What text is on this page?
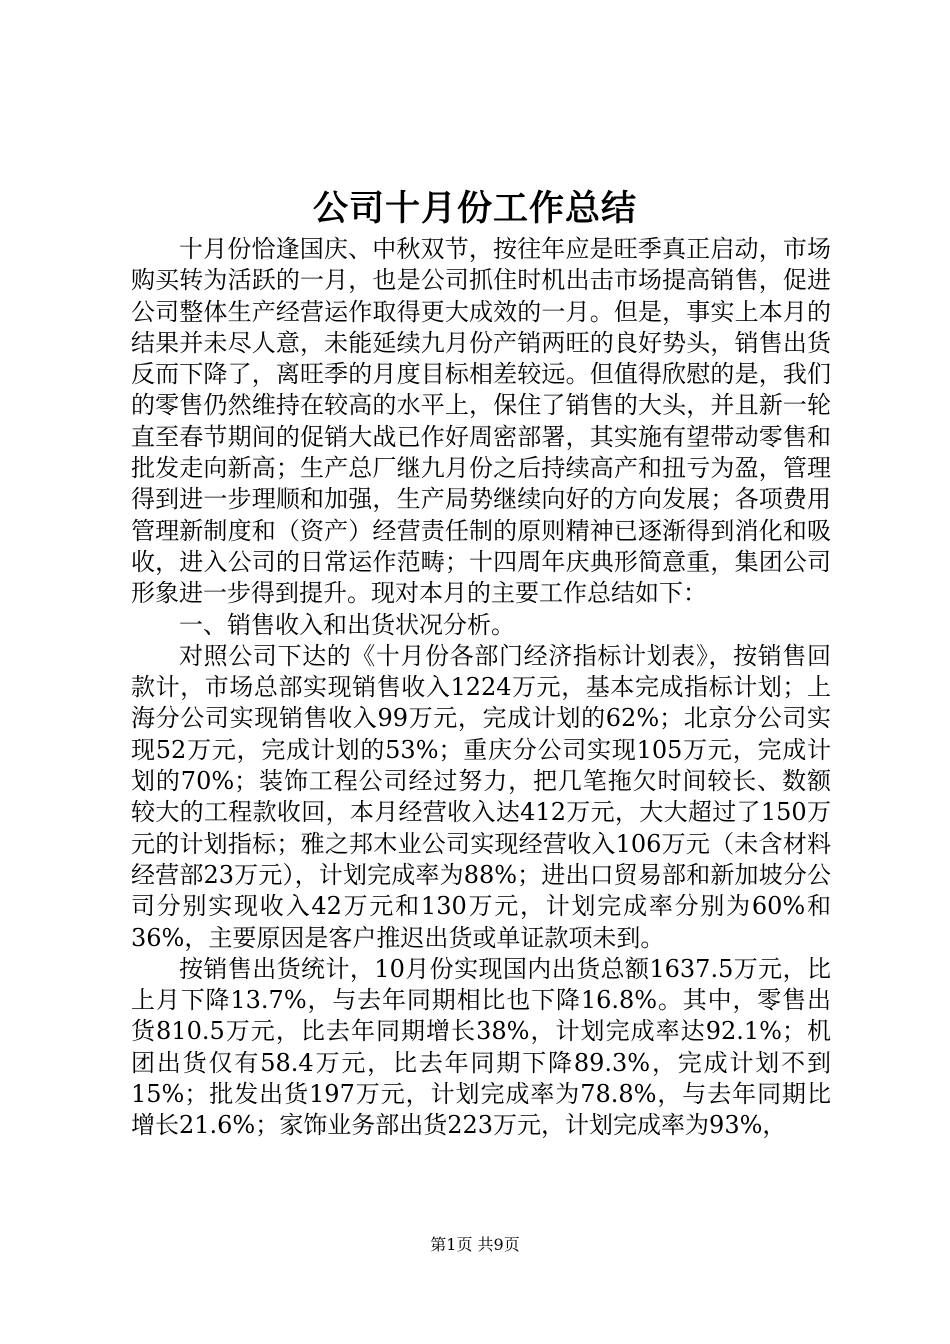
公司十月份工作总结

十月份恰逢国庆、中秋双节，按往年应是旺季真正启动，市场购买转为活跃的一月，也是公司抓住时机出击市场提高销售，促进公司整体生产经营运作取得更大成效的一月。但是，事实上本月的结果并未尽人意，未能延续九月份产销两旺的良好势头，销售出货反而下降了，离旺季的月度目标相差较远。但值得欣慰的是，我们的零售仍然维持在较高的水平上，保住了销售的大头，并且新一轮直至春节期间的促销大战已作好周密部署，其实施有望带动零售和批发走向新高；生产总厂继九月份之后持续高产和扭亏为盈，管理得到进一步理顺和加强，生产局势继续向好的方向发展；各项费用管理新制度和（资产）经营责任制的原则精神已逐渐得到消化和吸收，进入公司的日常运作范畴；十四周年庆典形简意重，集团公司形象进一步得到提升。现对本月的主要工作总结如下：

一、销售收入和出货状况分析。

对照公司下达的《十月份各部门经济指标计划表》，按销售回款计，市场总部实现销售收入1224万元，基本完成指标计划；上海分公司实现销售收入99万元，完成计划的62%；北京分公司实现52万元，完成计划的53%；重庆分公司实现105万元，完成计划的70%；装饰工程公司经过努力，把几笔拖欠时间较长、数额较大的工程款收回，本月经营收入达412万元，大大超过了150万元的计划指标；雅之邦木业公司实现经营收入106万元（未含材料经营部23万元），计划完成率为88%；进出口贸易部和新加坡分公司分别实现收入42万元和130万元，计划完成率分别为60%和36%，主要原因是客户推迟出货或单证款项未到。

按销售出货统计，10月份实现国内出货总额1637.5万元，比上月下降13.7%，与去年同期相比也下降16.8%。其中，零售出货810.5万元，比去年同期增长38%，计划完成率达92.1%；机团出货仅有58.4万元，比去年同期下降89.3%，完成计划不到15%；批发出货197万元，计划完成率为78.8%，与去年同期比增长21.6%；家饰业务部出货223万元，计划完成率为93%，

第1页 共9页
